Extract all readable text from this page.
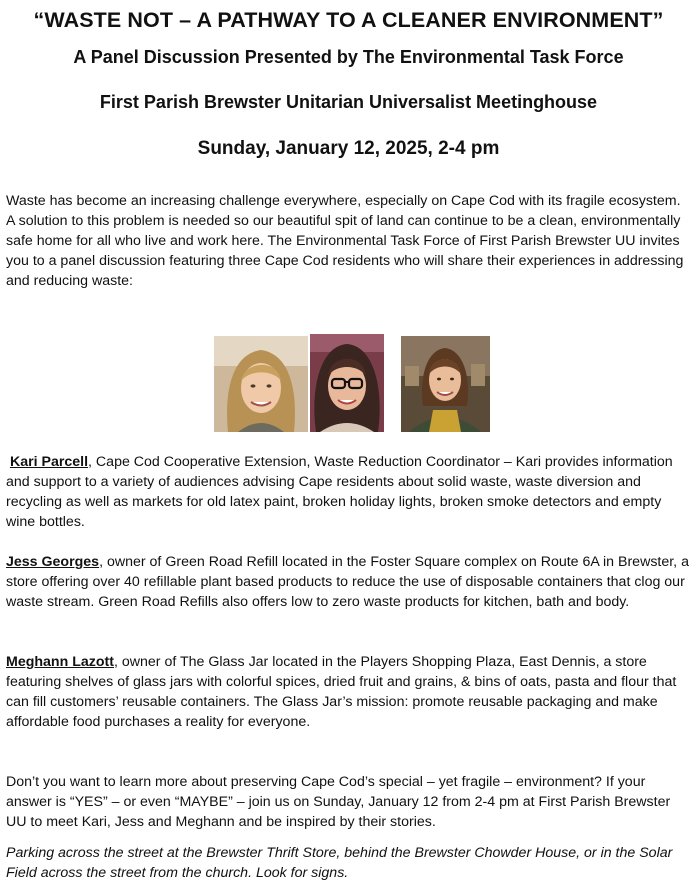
“WASTE NOT – A PATHWAY TO A CLEANER ENVIRONMENT”
A Panel Discussion Presented by The Environmental Task Force
First Parish Brewster Unitarian Universalist Meetinghouse
Sunday, January 12, 2025, 2-4 pm

Waste has become an increasing challenge everywhere, especially on Cape Cod with its fragile ecosystem. A solution to this problem is needed so our beautiful spit of land can continue to be a clean, environmentally safe home for all who live and work here. The Environmental Task Force of First Parish Brewster UU invites you to a panel discussion featuring three Cape Cod residents who will share their experiences in addressing and reducing waste:

Kari Parcell, Cape Cod Cooperative Extension, Waste Reduction Coordinator – Kari provides information and support to a variety of audiences advising Cape residents about solid waste, waste diversion and recycling as well as markets for old latex paint, broken holiday lights, broken smoke detectors and empty wine bottles.

Jess Georges, owner of Green Road Refill located in the Foster Square complex on Route 6A in Brewster, a store offering over 40 refillable plant based products to reduce the use of disposable containers that clog our waste stream. Green Road Refills also offers low to zero waste products for kitchen, bath and body.

Meghann Lazott, owner of The Glass Jar located in the Players Shopping Plaza, East Dennis, a store featuring shelves of glass jars with colorful spices, dried fruit and grains, & bins of oats, pasta and flour that can fill customers’ reusable containers. The Glass Jar’s mission: promote reusable packaging and make affordable food purchases a reality for everyone.

Don’t you want to learn more about preserving Cape Cod’s special – yet fragile – environment? If your answer is “YES” – or even “MAYBE” – join us on Sunday, January 12 from 2-4 pm at First Parish Brewster UU to meet Kari, Jess and Meghann and be inspired by their stories.

Parking across the street at the Brewster Thrift Store, behind the Brewster Chowder House, or in the Solar Field across the street from the church. Look for signs.
